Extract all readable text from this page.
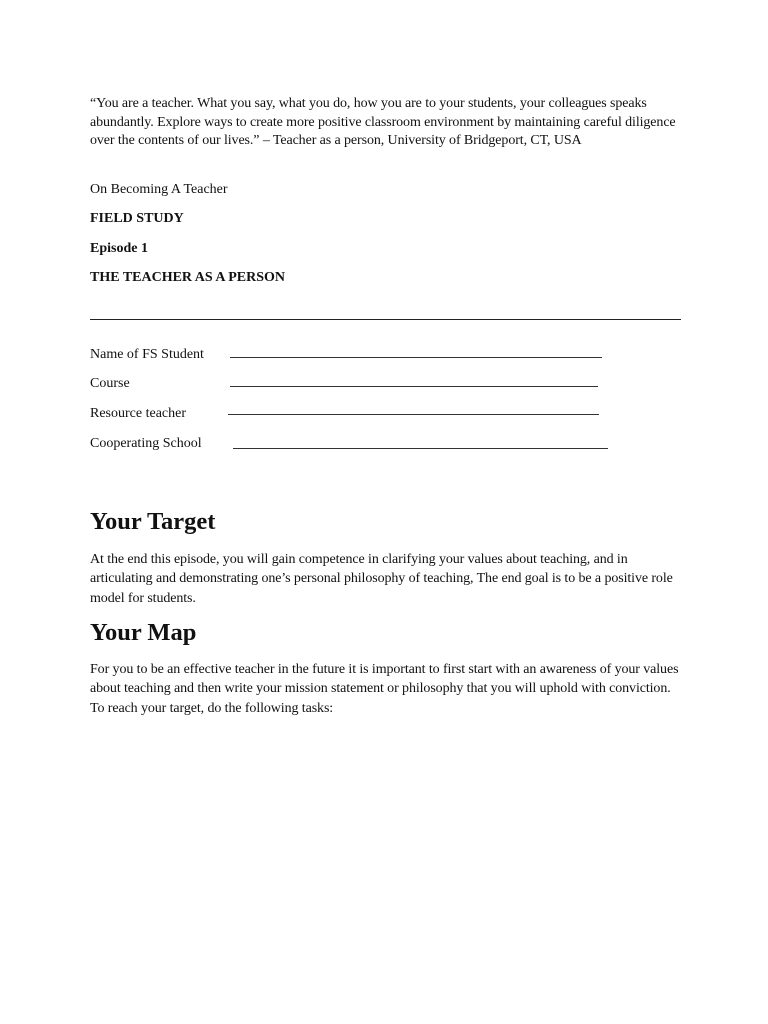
“You are a teacher. What you say, what you do, how you are to your students, your colleagues speaks abundantly. Explore ways to create more positive classroom environment by maintaining careful diligence over the contents of our lives.” – Teacher as a person, University of Bridgeport, CT, USA
On Becoming A Teacher
FIELD STUDY
Episode 1
THE TEACHER AS A PERSON
Name of FS Student
Course
Resource teacher
Cooperating School
Your Target
At the end this episode, you will gain competence in clarifying your values about teaching, and in articulating and demonstrating one’s personal philosophy of teaching, The end goal is to be a positive role model for students.
Your Map
For you to be an effective teacher in the future it is important to first start with an awareness of your values about teaching and then write your mission statement or philosophy that you will uphold with conviction. To reach your target, do the following tasks:
